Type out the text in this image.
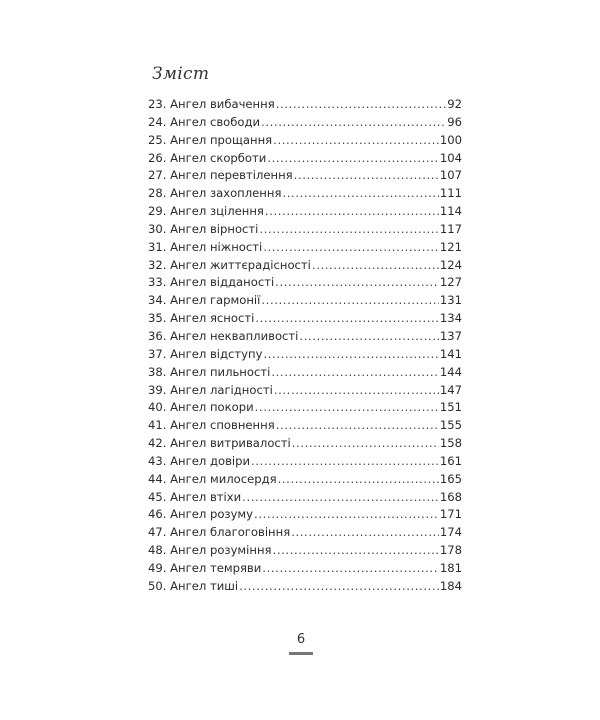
Зміст
23. Ангел вибачення .....	92
24. Ангел свободи .....	96
25. Ангел прощання .....	100
26. Ангел скорботи .....	104
27. Ангел перевтілення .....	107
28. Ангел захоплення .....	111
29. Ангел зцілення .....	114
30. Ангел вірності .....	117
31. Ангел ніжності .....	121
32. Ангел життєрадісності .....	124
33. Ангел відданості .....	127
34. Ангел гармонії .....	131
35. Ангел ясності .....	134
36. Ангел неквапливості .....	137
37. Ангел відступу .....	141
38. Ангел пильності .....	144
39. Ангел лагідності .....	147
40. Ангел покори .....	151
41. Ангел сповнення .....	155
42. Ангел витривалості .....	158
43. Ангел довіри .....	161
44. Ангел милосердя .....	165
45. Ангел втіхи .....	168
46. Ангел розуму .....	171
47. Ангел благоговіння .....	174
48. Ангел розуміння .....	178
49. Ангел темряви .....	181
50. Ангел тиші .....	184
6
